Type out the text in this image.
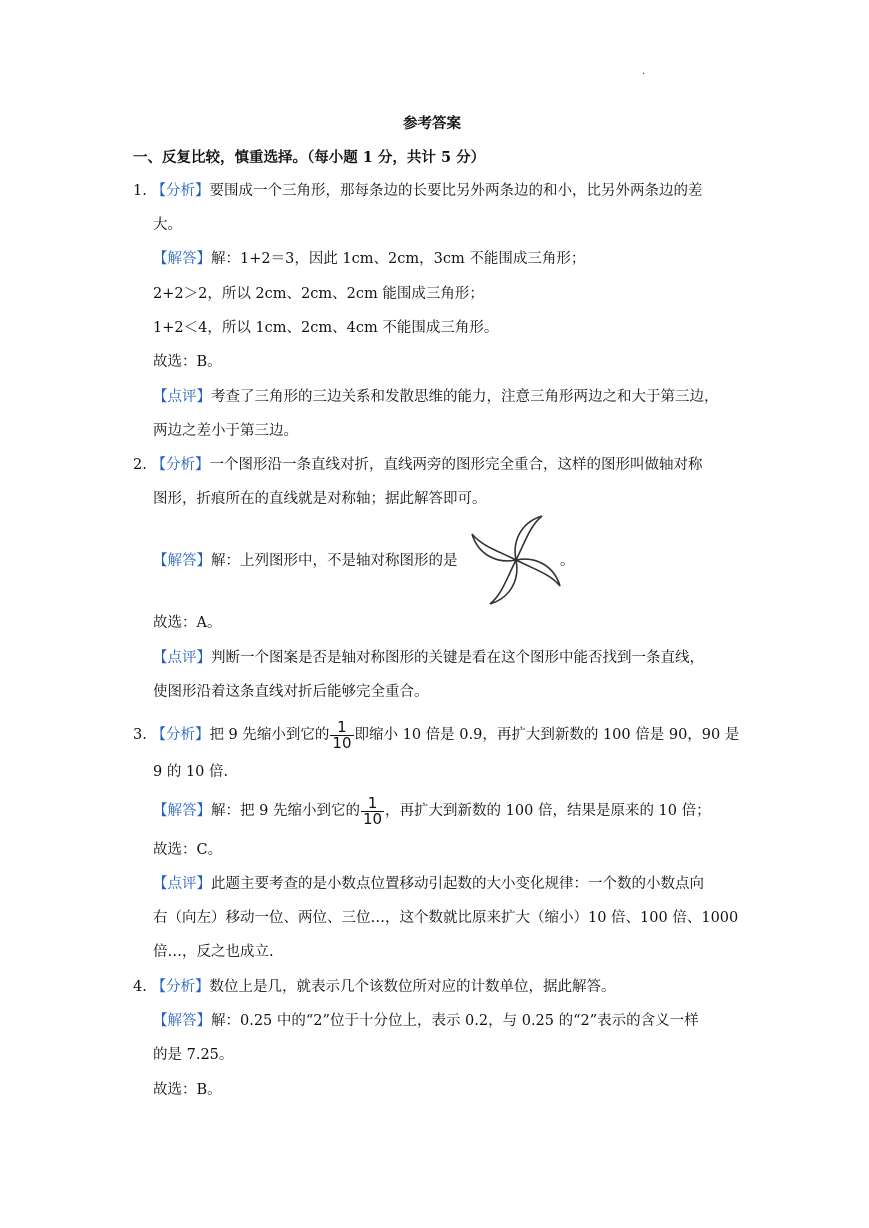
.
参考答案
一、反复比较，慎重选择。（每小题 1 分，共计 5 分）
1. 【分析】要围成一个三角形，那每条边的长要比另外两条边的和小，比另外两条边的差
大。
【解答】解：1+2＝3，因此 1cm、2cm，3cm 不能围成三角形；
2+2＞2，所以 2cm、2cm、2cm 能围成三角形；
1+2＜4，所以 1cm、2cm、4cm 不能围成三角形。
故选：B。
【点评】考查了三角形的三边关系和发散思维的能力，注意三角形两边之和大于第三边，
两边之差小于第三边。
2. 【分析】一个图形沿一条直线对折，直线两旁的图形完全重合，这样的图形叫做轴对称
图形，折痕所在的直线就是对称轴；据此解答即可。
【解答】解：上列图形中，不是轴对称图形的是	。
故选：A。
【点评】判断一个图案是否是轴对称图形的关键是看在这个图形中能否找到一条直线，
使图形沿着这条直线对折后能够完全重合。
3. 【分析】把 9 先缩小到它的 $\frac{1}{10}$ 即缩小 10 倍是 0.9，再扩大到新数的 100 倍是 90，90 是
9 的 10 倍.
【解答】解：把 9 先缩小到它的 $\frac{1}{10}$ ，再扩大到新数的 100 倍，结果是原来的 10 倍；
故选：C。
【点评】此题主要考查的是小数点位置移动引起数的大小变化规律：一个数的小数点向
右（向左）移动一位、两位、三位…，这个数就比原来扩大（缩小）10 倍、100 倍、1000
倍…，反之也成立.
4. 【分析】数位上是几，就表示几个该数位所对应的计数单位，据此解答。
【解答】解：0.25 中的“2”位于十分位上，表示 0.2，与 0.25 的“2”表示的含义一样
的是 7.25。
故选：B。
